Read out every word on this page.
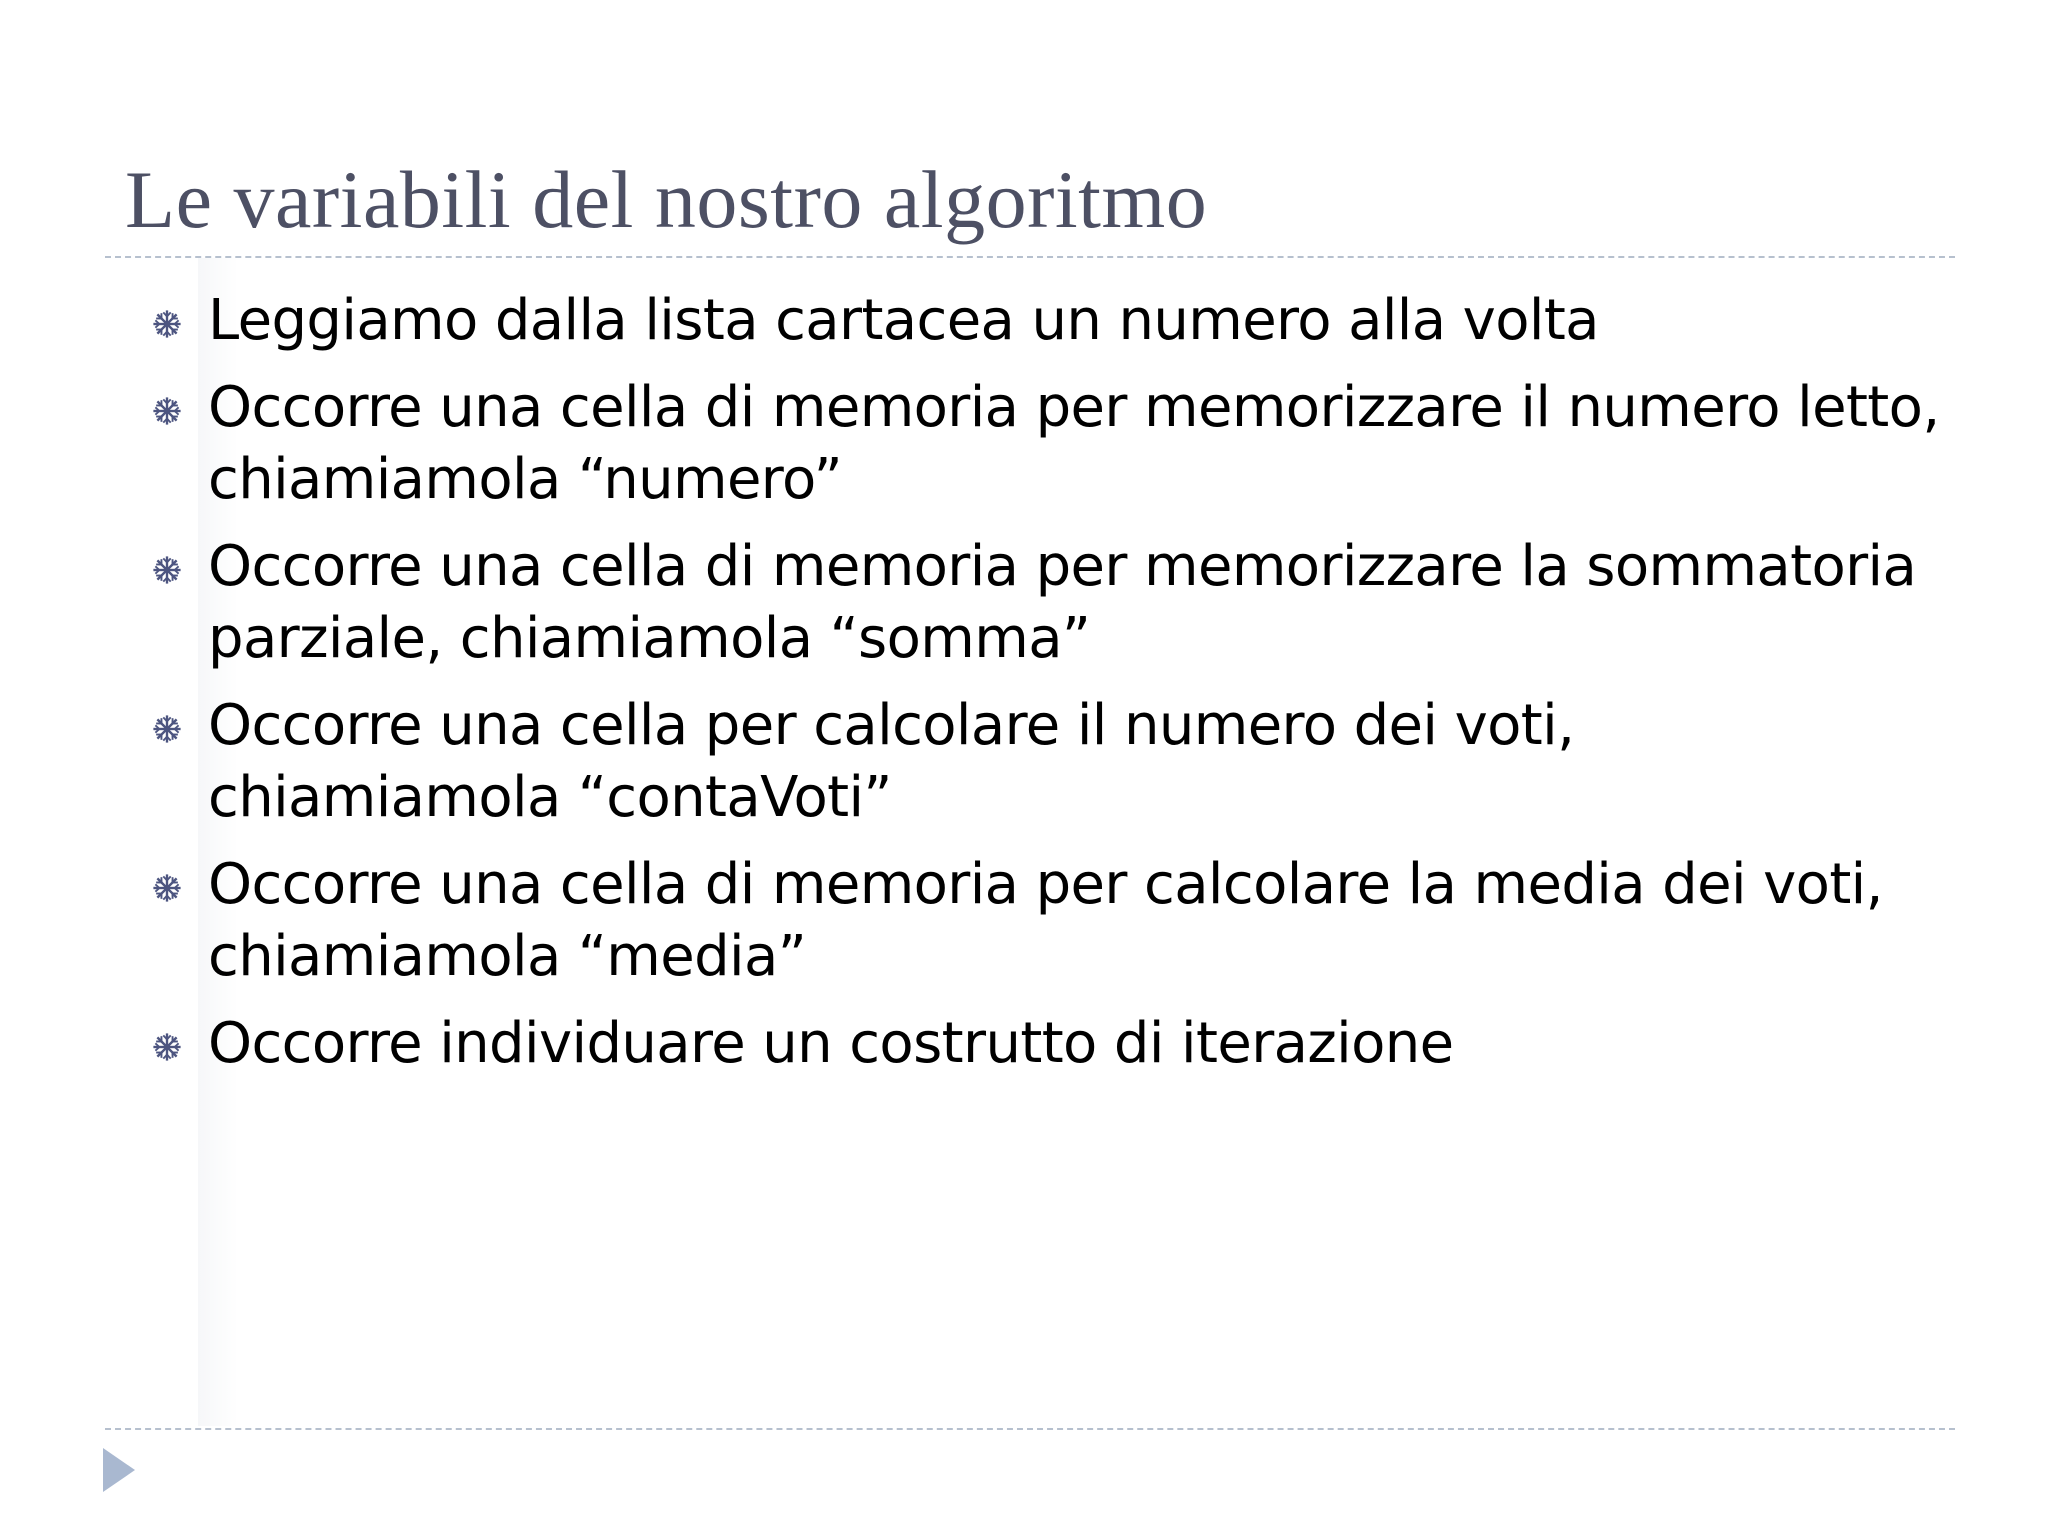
Le variabili del nostro algoritmo
Leggiamo dalla lista cartacea un numero alla volta
Occorre una cella di memoria per memorizzare il numero letto, chiamiamola “numero”
Occorre una cella di memoria per memorizzare la sommatoria parziale, chiamiamola “somma”
Occorre una cella per calcolare il numero dei voti, chiamiamola “contaVoti”
Occorre una cella di memoria per calcolare la media dei voti, chiamiamola “media”
Occorre individuare un costrutto di iterazione
